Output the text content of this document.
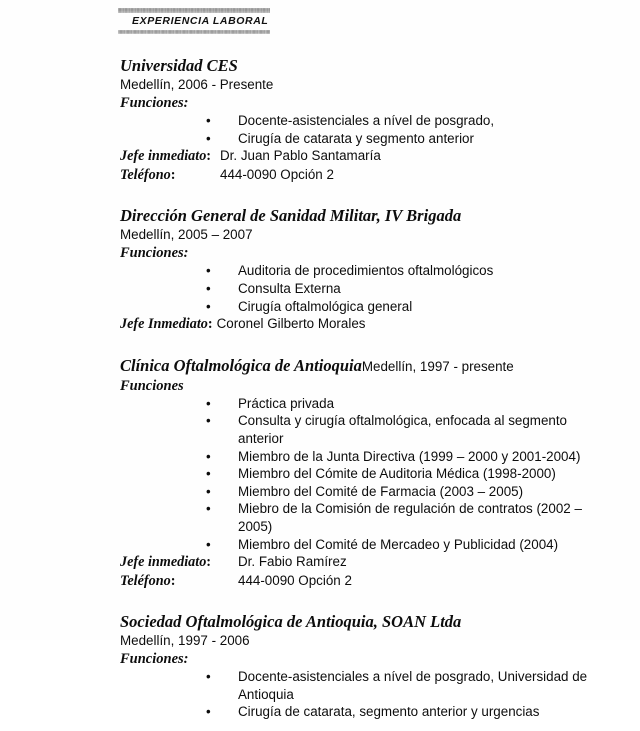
EXPERIENCIA LABORAL
Universidad CES
Medellín, 2006 - Presente
Funciones:
• Docente-asistenciales a nível de posgrado,
• Cirugía de catarata y segmento anterior
Jefe inmediato: Dr. Juan Pablo Santamaría
Teléfono:	444-0090 Opción 2
Dirección General de Sanidad Militar, IV Brigada
Medellín, 2005 – 2007
Funciones:
• Auditoria de procedimientos oftalmológicos
• Consulta Externa
• Cirugía oftalmológica general
Jefe Inmediato: Coronel Gilberto Morales
Clínica Oftalmológica de AntioquiaMedellín, 1997 - presente
Funciones
• Práctica privada
• Consulta y cirugía oftalmológica, enfocada al segmento anterior
• Miembro de la Junta Directiva (1999 – 2000 y 2001-2004)
• Miembro del Cómite de Auditoria Médica (1998-2000)
• Miembro del Comité de Farmacia (2003 – 2005)
• Miebro de la Comisión de regulación de contratos (2002 – 2005)
• Miembro del Comité de Mercadeo y Publicidad (2004)
Jefe inmediato: Dr. Fabio Ramírez
Teléfono:	444-0090 Opción 2
Sociedad Oftalmológica de Antioquia, SOAN Ltda
Medellín, 1997 - 2006
Funciones:
• Docente-asistenciales a nível de posgrado, Universidad de Antioquia
• Cirugía de catarata, segmento anterior y urgencias
